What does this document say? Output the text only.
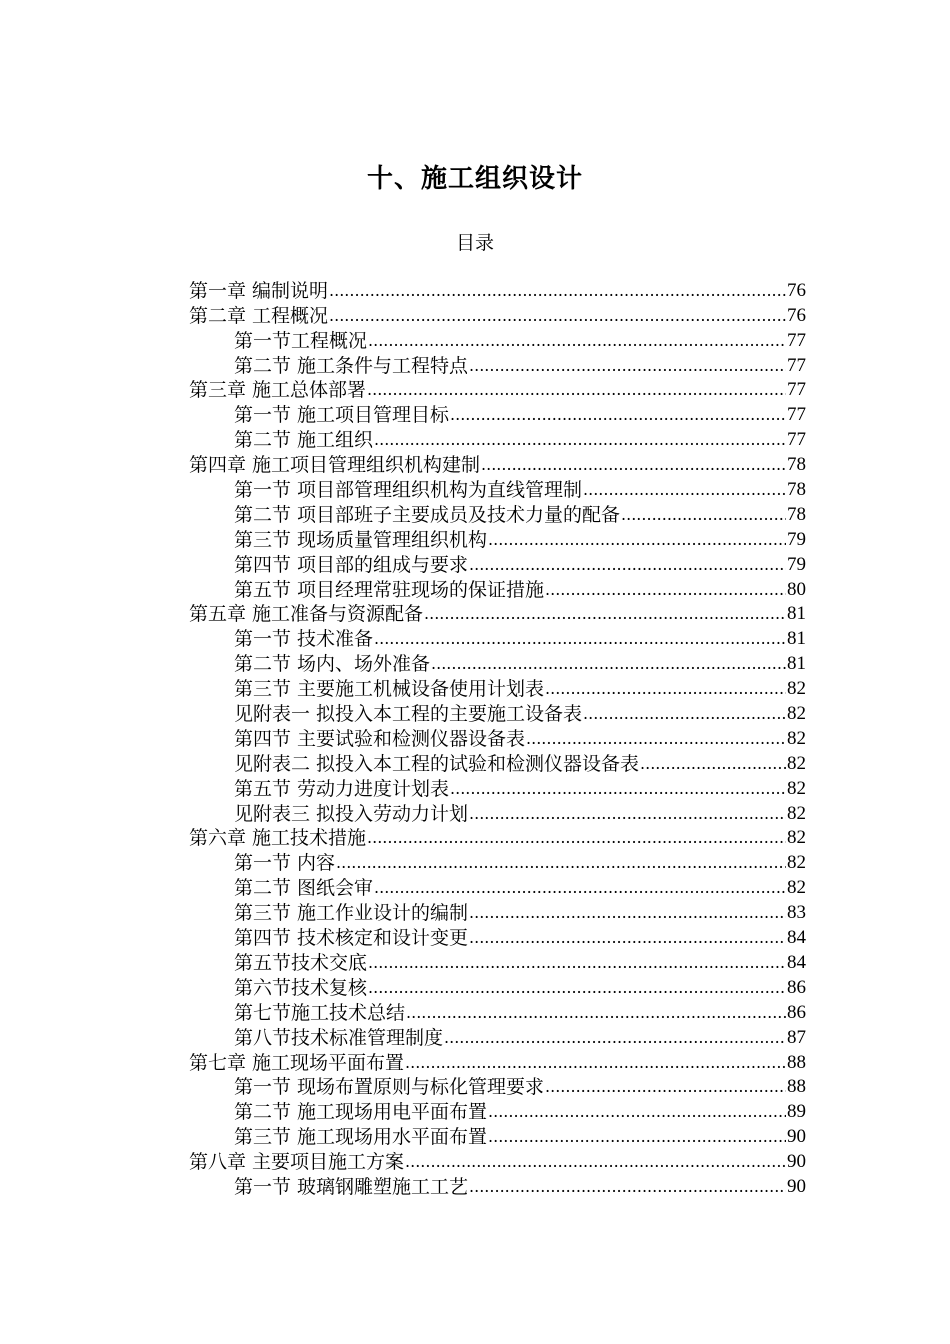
十、施工组织设计
目录
第一章 编制说明 .....	76
第二章 工程概况 .....	76
第一节工程概况 .....	77
第二节 施工条件与工程特点 .....	77
第三章 施工总体部署 .....	77
第一节 施工项目管理目标 .....	77
第二节 施工组织 .....	77
第四章 施工项目管理组织机构建制 .....	78
第一节 项目部管理组织机构为直线管理制 .....	78
第二节 项目部班子主要成员及技术力量的配备 .....	78
第三节 现场质量管理组织机构 .....	79
第四节 项目部的组成与要求 .....	79
第五节 项目经理常驻现场的保证措施 .....	80
第五章 施工准备与资源配备 .....	81
第一节 技术准备 .....	81
第二节 场内、场外准备 .....	81
第三节 主要施工机械设备使用计划表 .....	82
见附表一 拟投入本工程的主要施工设备表 .....	82
第四节 主要试验和检测仪器设备表 .....	82
见附表二 拟投入本工程的试验和检测仪器设备表 .....	82
第五节 劳动力进度计划表 .....	82
见附表三 拟投入劳动力计划 .....	82
第六章 施工技术措施 .....	82
第一节 内容 .....	82
第二节 图纸会审 .....	82
第三节 施工作业设计的编制 .....	83
第四节 技术核定和设计变更 .....	84
第五节技术交底 .....	84
第六节技术复核 .....	86
第七节施工技术总结 .....	86
第八节技术标准管理制度 .....	87
第七章 施工现场平面布置 .....	88
第一节 现场布置原则与标化管理要求 .....	88
第二节 施工现场用电平面布置 .....	89
第三节 施工现场用水平面布置 .....	90
第八章 主要项目施工方案 .....	90
第一节 玻璃钢雕塑施工工艺 .....	90
